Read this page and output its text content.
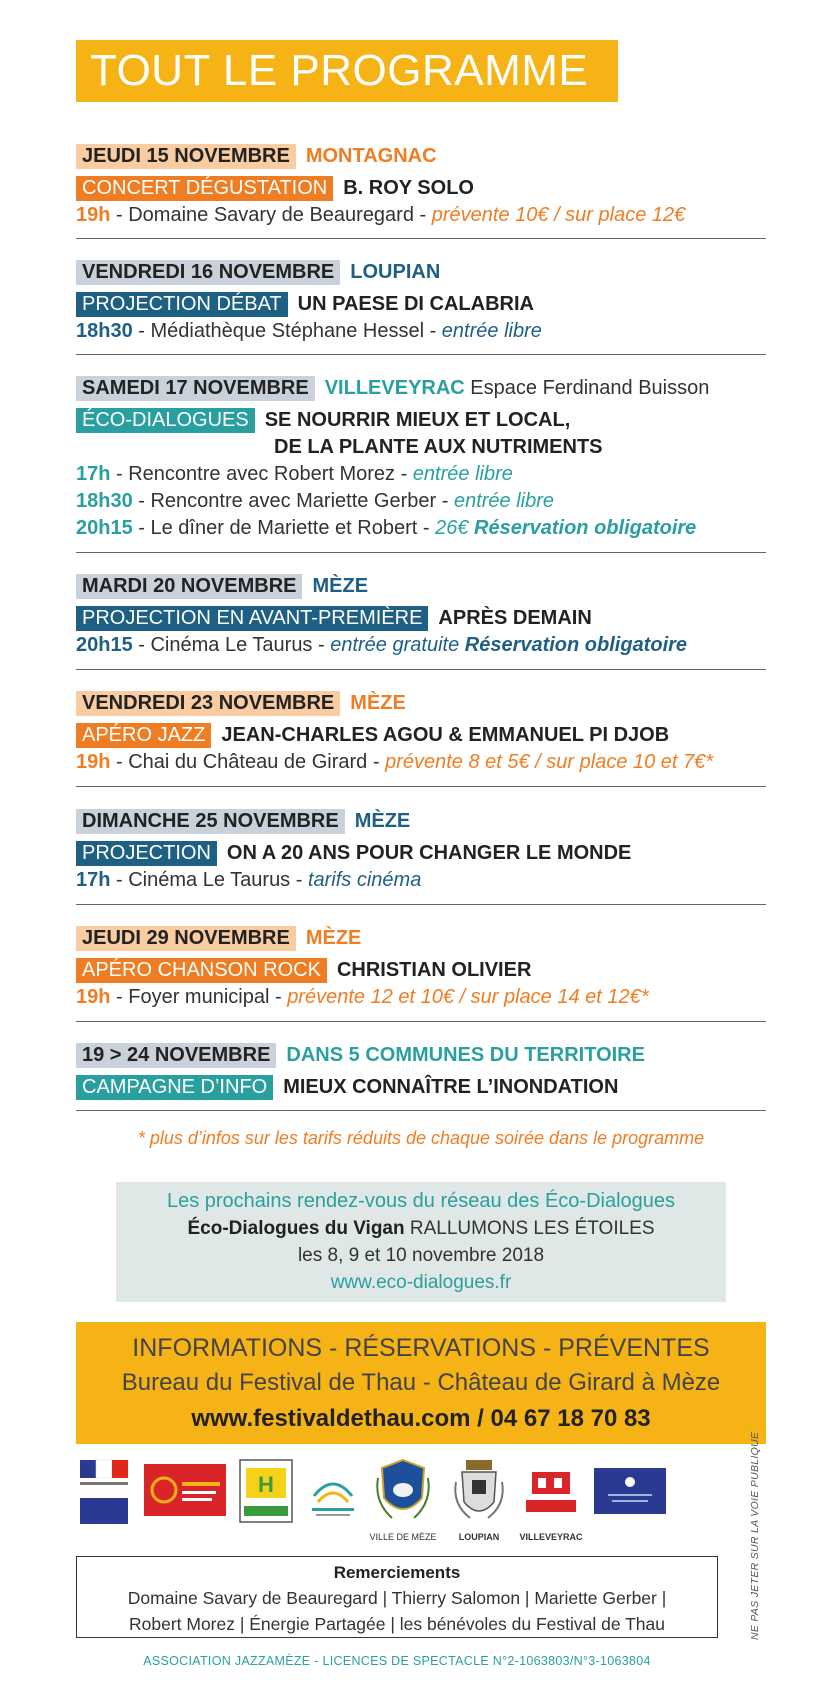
TOUT LE PROGRAMME
JEUDI 15 NOVEMBRE MONTAGNAC
CONCERT DÉGUSTATION B. ROY SOLO
19h - Domaine Savary de Beauregard - prévente 10€ / sur place 12€
VENDREDI 16 NOVEMBRE LOUPIAN
PROJECTION DÉBAT UN PAESE DI CALABRIA
18h30 - Médiathèque Stéphane Hessel - entrée libre
SAMEDI 17 NOVEMBRE VILLEVEYRAC Espace Ferdinand Buisson
ÉCO-DIALOGUES SE NOURRIR MIEUX ET LOCAL,
DE LA PLANTE AUX NUTRIMENTS
17h - Rencontre avec Robert Morez - entrée libre
18h30 - Rencontre avec Mariette Gerber - entrée libre
20h15 - Le dîner de Mariette et Robert - 26€ Réservation obligatoire
MARDI 20 NOVEMBRE MÈZE
PROJECTION EN AVANT-PREMIÈRE APRÈS DEMAIN
20h15 - Cinéma Le Taurus - entrée gratuite Réservation obligatoire
VENDREDI 23 NOVEMBRE MÈZE
APÉRO JAZZ JEAN-CHARLES AGOU & EMMANUEL PI DJOB
19h - Chai du Château de Girard - prévente 8 et 5€ / sur place 10 et 7€*
DIMANCHE 25 NOVEMBRE MÈZE
PROJECTION ON A 20 ANS POUR CHANGER LE MONDE
17h - Cinéma Le Taurus - tarifs cinéma
JEUDI 29 NOVEMBRE MÈZE
APÉRO CHANSON ROCK CHRISTIAN OLIVIER
19h - Foyer municipal - prévente 12 et 10€ / sur place 14 et 12€*
19 > 24 NOVEMBRE DANS 5 COMMUNES DU TERRITOIRE
CAMPAGNE D’INFO MIEUX CONNAÎTRE L’INONDATION
* plus d’infos sur les tarifs réduits de chaque soirée dans le programme
Les prochains rendez-vous du réseau des Éco-Dialogues
Éco-Dialogues du Vigan RALLUMONS LES ÉTOILES
les 8, 9 et 10 novembre 2018
www.eco-dialogues.fr
INFORMATIONS - RÉSERVATIONS - PRÉVENTES
Bureau du Festival de Thau - Château de Girard à Mèze
www.festivaldethau.com / 04 67 18 70 83
H
VILLE DE MÈZE	LOUPIAN	VILLEVEYRAC
Remerciements
Domaine Savary de Beauregard | Thierry Salomon | Mariette Gerber |
Robert Morez | Énergie Partagée | les bénévoles du Festival de Thau
ASSOCIATION JAZZAMÈZE - LICENCES DE SPECTACLE N°2-1063803/N°3-1063804
NE PAS JETER SUR LA VOIE PUBLIQUE
